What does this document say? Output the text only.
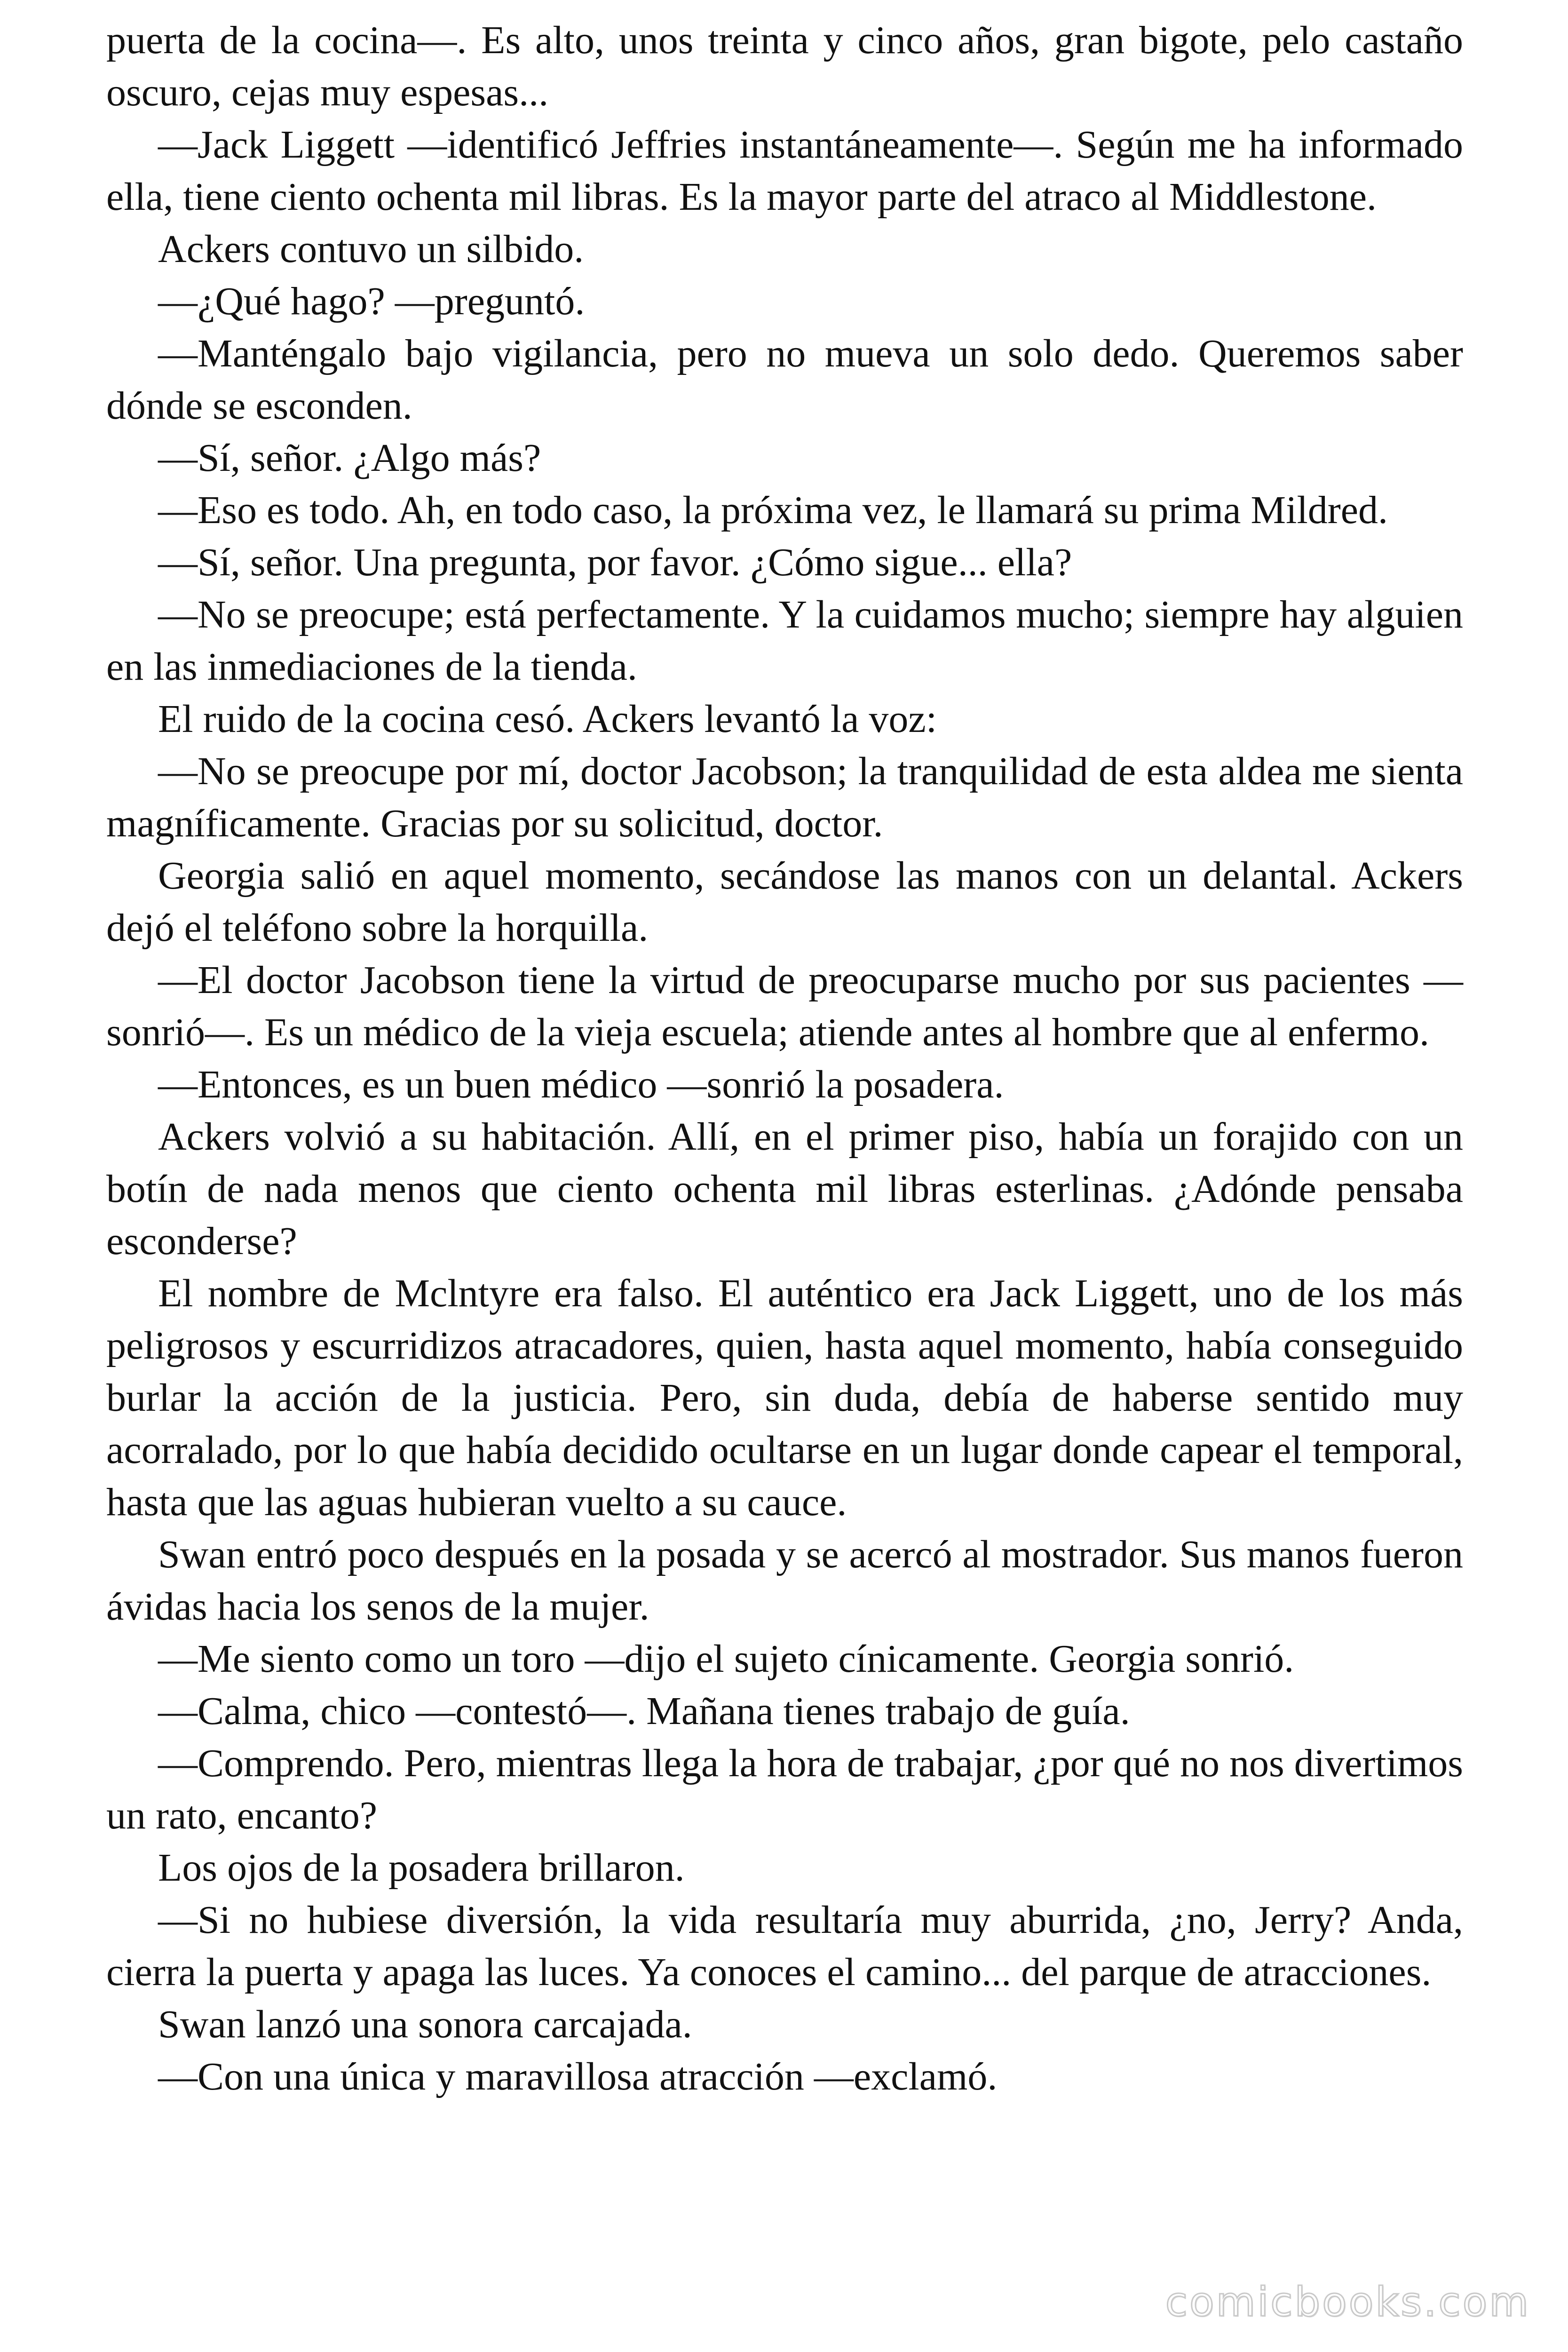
puerta de la cocina—. Es alto, unos treinta y cinco años, gran bigote, pelo castaño oscuro, cejas muy espesas...

—Jack Liggett —identificó Jeffries instantáneamente—. Según me ha informado ella, tiene ciento ochenta mil libras. Es la mayor parte del atraco al Middlestone.

Ackers contuvo un silbido.

—¿Qué hago? —preguntó.

—Manténgalo bajo vigilancia, pero no mueva un solo dedo. Queremos saber dónde se esconden.

—Sí, señor. ¿Algo más?

—Eso es todo. Ah, en todo caso, la próxima vez, le llamará su prima Mildred.

—Sí, señor. Una pregunta, por favor. ¿Cómo sigue... ella?

—No se preocupe; está perfectamente. Y la cuidamos mucho; siempre hay alguien en las inmediaciones de la tienda.

El ruido de la cocina cesó. Ackers levantó la voz:

—No se preocupe por mí, doctor Jacobson; la tranquilidad de esta aldea me sienta magníficamente. Gracias por su solicitud, doctor.

Georgia salió en aquel momento, secándose las manos con un delantal. Ackers dejó el teléfono sobre la horquilla.

—El doctor Jacobson tiene la virtud de preocuparse mucho por sus pacientes — sonrió—. Es un médico de la vieja escuela; atiende antes al hombre que al enfermo.

—Entonces, es un buen médico —sonrió la posadera.

Ackers volvió a su habitación. Allí, en el primer piso, había un forajido con un botín de nada menos que ciento ochenta mil libras esterlinas. ¿Adónde pensaba esconderse?

El nombre de Mclntyre era falso. El auténtico era Jack Liggett, uno de los más peligrosos y escurridizos atracadores, quien, hasta aquel momento, había conseguido burlar la acción de la justicia. Pero, sin duda, debía de haberse sentido muy acorralado, por lo que había decidido ocultarse en un lugar donde capear el temporal, hasta que las aguas hubieran vuelto a su cauce.

Swan entró poco después en la posada y se acercó al mostrador. Sus manos fueron ávidas hacia los senos de la mujer.

—Me siento como un toro —dijo el sujeto cínicamente. Georgia sonrió.

—Calma, chico —contestó—. Mañana tienes trabajo de guía.

—Comprendo. Pero, mientras llega la hora de trabajar, ¿por qué no nos divertimos un rato, encanto?

Los ojos de la posadera brillaron.

—Si no hubiese diversión, la vida resultaría muy aburrida, ¿no, Jerry? Anda, cierra la puerta y apaga las luces. Ya conoces el camino... del parque de atracciones.

Swan lanzó una sonora carcajada.

—Con una única y maravillosa atracción —exclamó.

comicbooks.com
